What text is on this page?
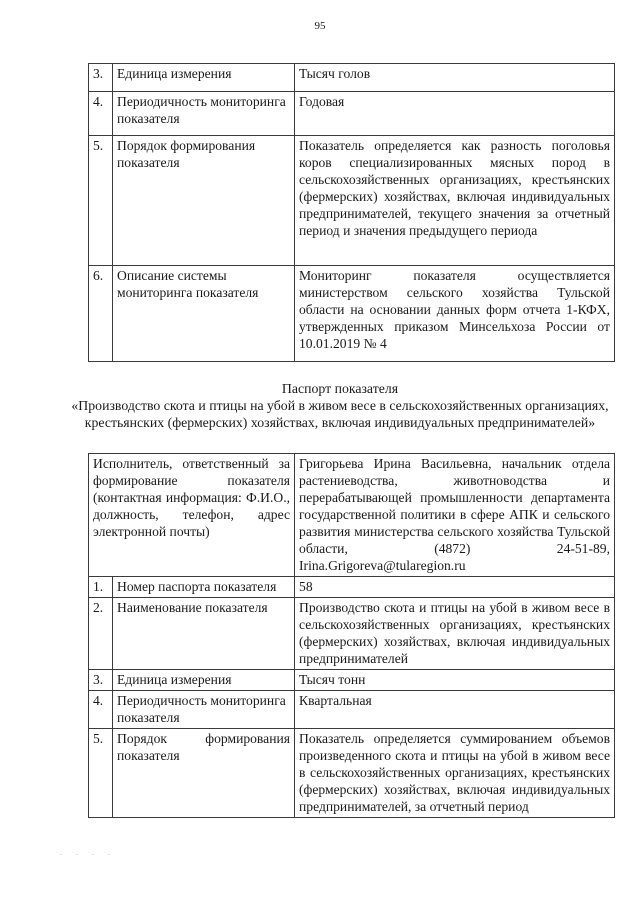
95
3.	Единица измерения	Тысяч голов
4.	Периодичность мониторинга показателя	Годовая
5.	Порядок формирования показателя	Показатель определяется как разность поголовья коров специализированных мясных пород в сельскохозяйственных организациях, крестьянских (фермерских) хозяйствах, включая индивидуальных предпринимателей, текущего значения за отчетный период и значения предыдущего периода
6.	Описание системы мониторинга показателя	Мониторинг показателя осуществляется министерством сельского хозяйства Тульской области на основании данных форм отчета 1-КФХ, утвержденных приказом Минсельхоза России от 10.01.2019 № 4
Паспорт показателя
«Производство скота и птицы на убой в живом весе в сельскохозяйственных организациях, крестьянских (фермерских) хозяйствах, включая индивидуальных предпринимателей»
Исполнитель, ответственный за формирование показателя (контактная информация: Ф.И.О., должность, телефон, адрес электронной почты)		Григорьева Ирина Васильевна, начальник отдела растениеводства, животноводства и перерабатывающей промышленности департамента государственной политики в сфере АПК и сельского развития министерства сельского хозяйства Тульской области, (4872) 24-51-89, Irina.Grigoreva@tularegion.ru
1.	Номер паспорта показателя	58
2.	Наименование показателя	Производство скота и птицы на убой в живом весе в сельскохозяйственных организациях, крестьянских (фермерских) хозяйствах, включая индивидуальных предпринимателей
3.	Единица измерения	Тысяч тонн
4.	Периодичность мониторинга показателя	Квартальная
5.	Порядок формирования показателя	Показатель определяется суммированием объемов произведенного скота и птицы на убой в живом весе в сельскохозяйственных организациях, крестьянских (фермерских) хозяйствах, включая индивидуальных предпринимателей, за отчетный период
. . . .
